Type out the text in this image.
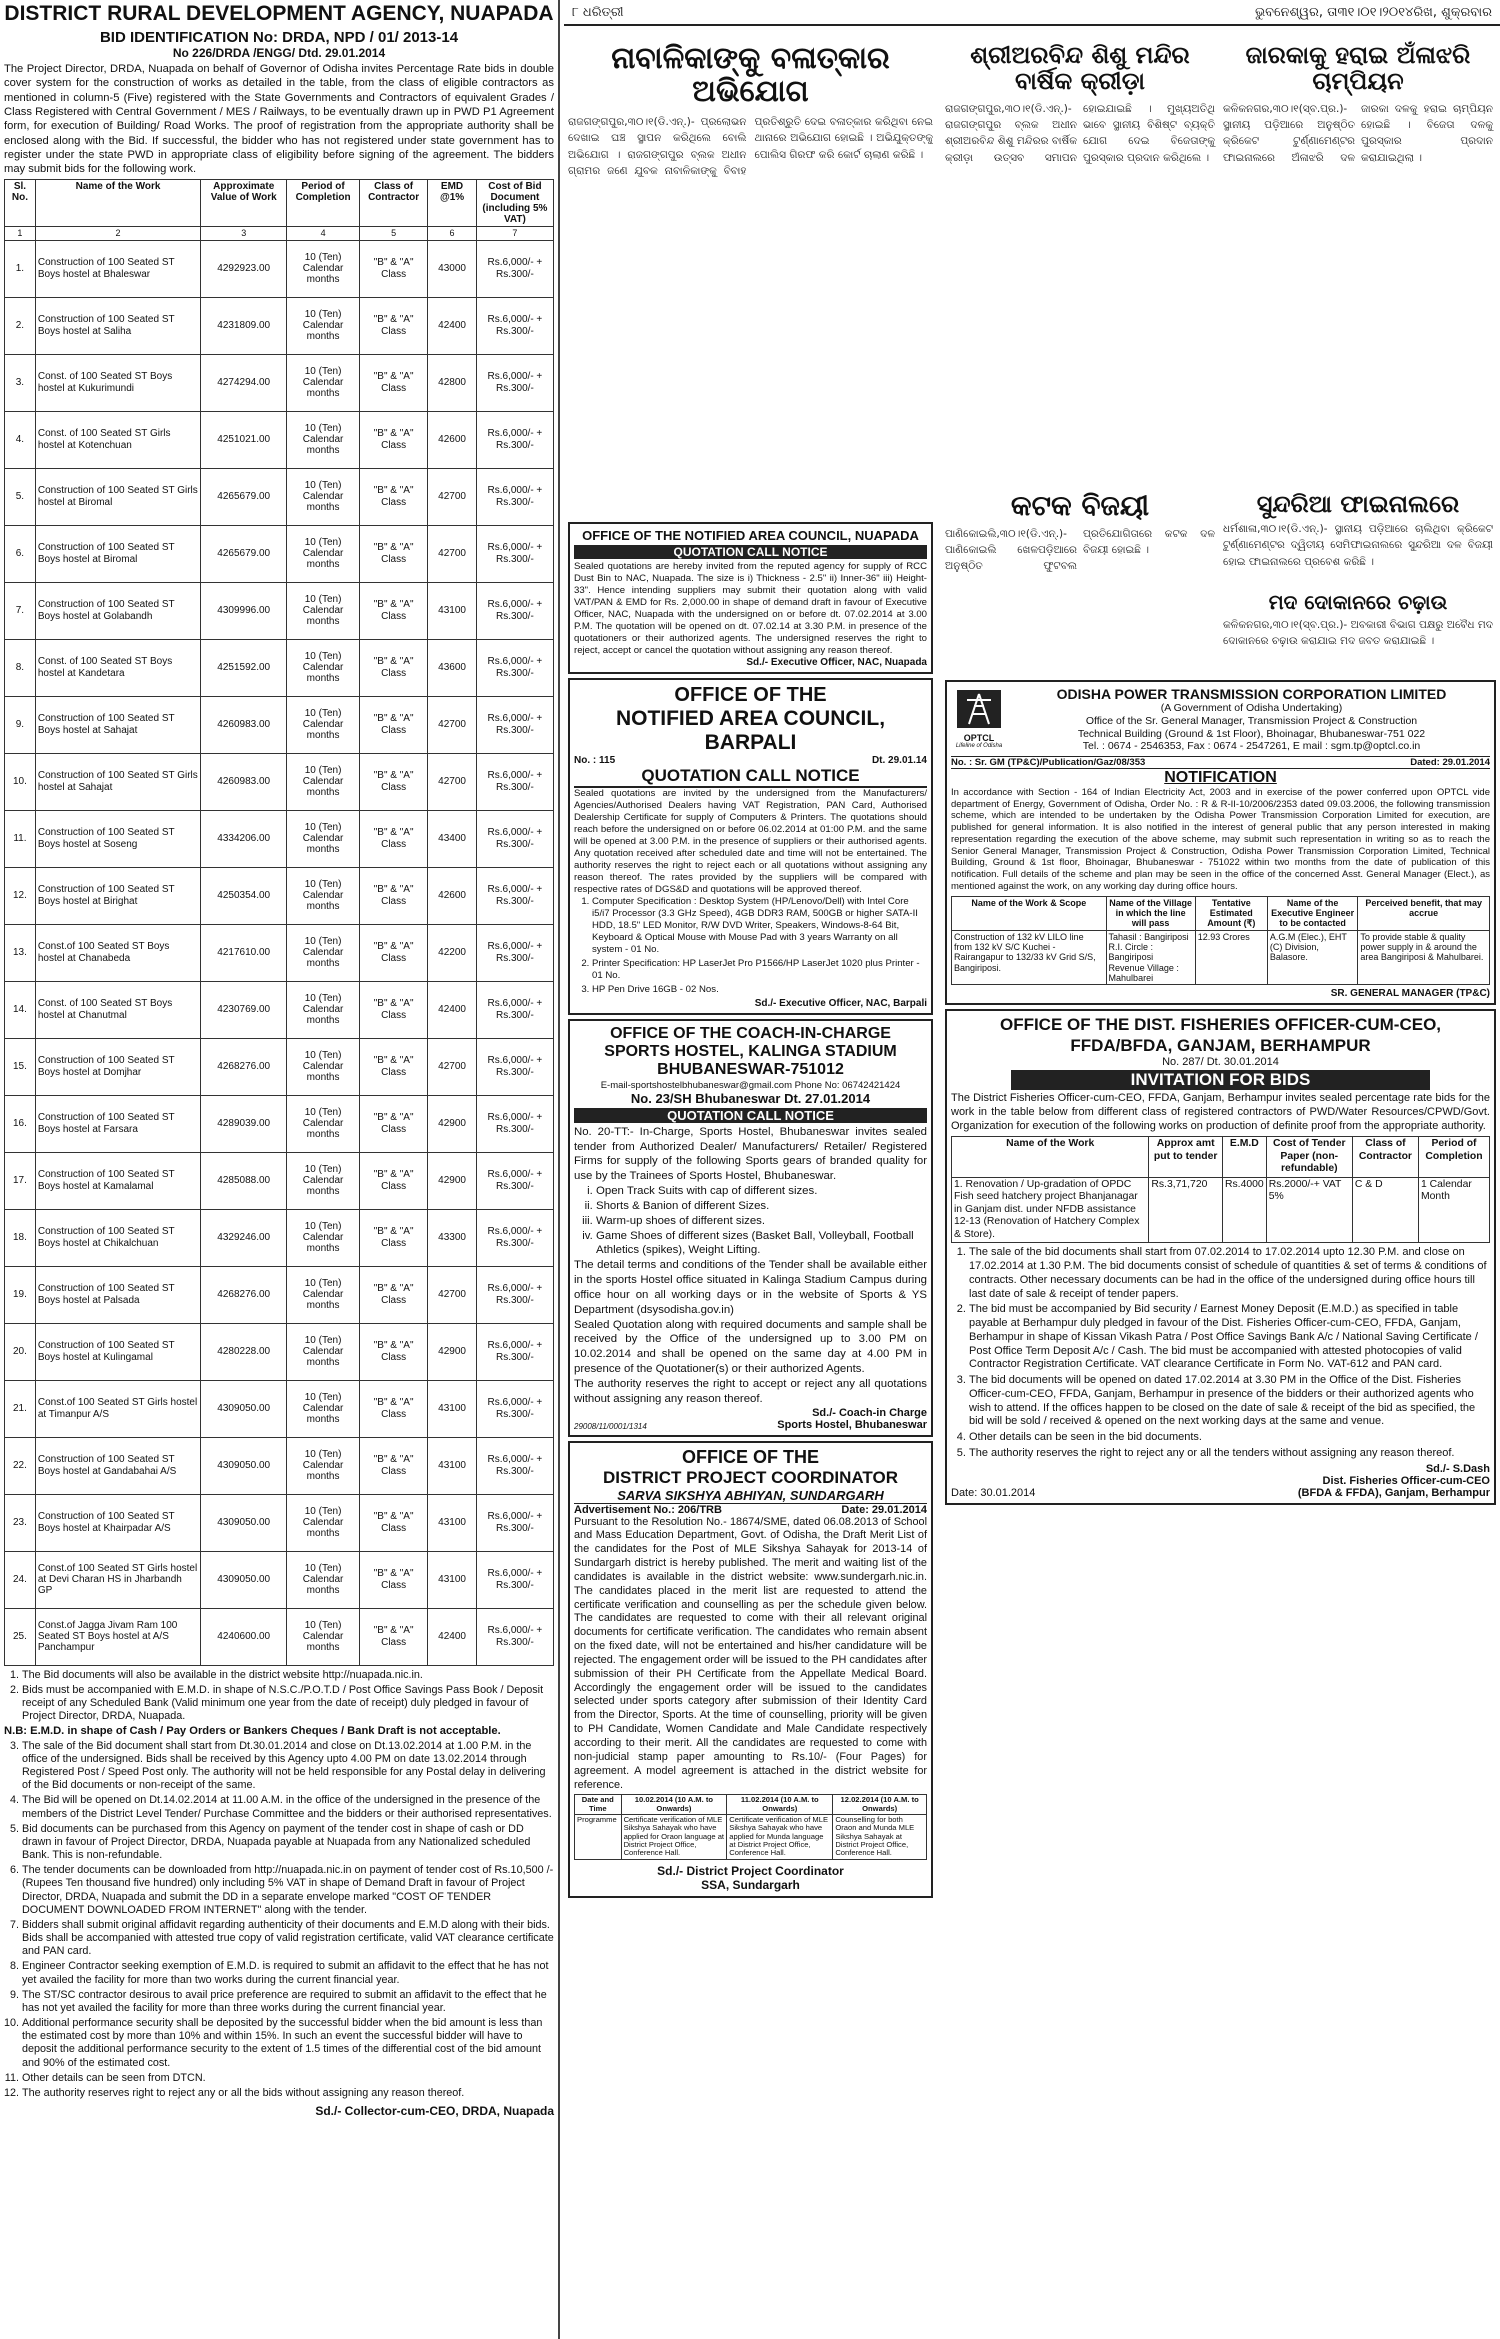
DISTRICT RURAL DEVELOPMENT AGENCY, NUAPADA
BID IDENTIFICATION No: DRDA, NPD / 01/ 2013-14
No 226/DRDA /ENGG/ Dtd. 29.01.2014
The Project Director, DRDA, Nuapada on behalf of Governor of Odisha invites Percentage Rate bids in double cover system for the construction of works as detailed in the table, from the class of eligible contractors as mentioned in column-5 (Five) registered with the State Governments and Contractors of equivalent Grades / Class Registered with Central Government / MES / Railways, to be eventually drawn up in PWD P1 Agreement form, for execution of Building/ Road Works. The proof of registration from the appropriate authority shall be enclosed along with the Bid. If successful, the bidder who has not registered under state government has to register under the state PWD in appropriate class of eligibility before signing of the agreement. The bidders may submit bids for the following work.
Sl. No.	Name of the Work	Approximate Value of Work	Period of Completion	Class of Contractor	EMD @1%	Cost of Bid Document (including 5% VAT)
1	2	3	4	5	6	7
1.	Construction of 100 Seated ST Boys hostel at Bhaleswar	4292923.00	10 (Ten) Calendar months	"B" & "A" Class	43000	Rs.6,000/- + Rs.300/-
2.	Construction of 100 Seated ST Boys hostel at Saliha	4231809.00	10 (Ten) Calendar months	"B" & "A" Class	42400	Rs.6,000/- + Rs.300/-
3.	Const. of 100 Seated ST Boys hostel at Kukurimundi	4274294.00	10 (Ten) Calendar months	"B" & "A" Class	42800	Rs.6,000/- + Rs.300/-
4.	Const. of 100 Seated ST Girls hostel at Kotenchuan	4251021.00	10 (Ten) Calendar months	"B" & "A" Class	42600	Rs.6,000/- + Rs.300/-
5.	Construction of 100 Seated ST Girls hostel at Biromal	4265679.00	10 (Ten) Calendar months	"B" & "A" Class	42700	Rs.6,000/- + Rs.300/-
6.	Construction of 100 Seated ST Boys hostel at Biromal	4265679.00	10 (Ten) Calendar months	"B" & "A" Class	42700	Rs.6,000/- + Rs.300/-
7.	Construction of 100 Seated ST Boys hostel at Golabandh	4309996.00	10 (Ten) Calendar months	"B" & "A" Class	43100	Rs.6,000/- + Rs.300/-
8.	Const. of 100 Seated ST Boys hostel at Kandetara	4251592.00	10 (Ten) Calendar months	"B" & "A" Class	43600	Rs.6,000/- + Rs.300/-
9.	Construction of 100 Seated ST Boys hostel at Sahajat	4260983.00	10 (Ten) Calendar months	"B" & "A" Class	42700	Rs.6,000/- + Rs.300/-
10.	Construction of 100 Seated ST Girls hostel at Sahajat	4260983.00	10 (Ten) Calendar months	"B" & "A" Class	42700	Rs.6,000/- + Rs.300/-
11.	Construction of 100 Seated ST Boys hostel at Soseng	4334206.00	10 (Ten) Calendar months	"B" & "A" Class	43400	Rs.6,000/- + Rs.300/-
12.	Construction of 100 Seated ST Boys hostel at Birighat	4250354.00	10 (Ten) Calendar months	"B" & "A" Class	42600	Rs.6,000/- + Rs.300/-
13.	Const.of 100 Seated ST Boys hostel at Chanabeda	4217610.00	10 (Ten) Calendar months	"B" & "A" Class	42200	Rs.6,000/- + Rs.300/-
14.	Const. of 100 Seated ST Boys hostel at Chanutmal	4230769.00	10 (Ten) Calendar months	"B" & "A" Class	42400	Rs.6,000/- + Rs.300/-
15.	Construction of 100 Seated ST Boys hostel at Domjhar	4268276.00	10 (Ten) Calendar months	"B" & "A" Class	42700	Rs.6,000/- + Rs.300/-
16.	Construction of 100 Seated ST Boys hostel at Farsara	4289039.00	10 (Ten) Calendar months	"B" & "A" Class	42900	Rs.6,000/- + Rs.300/-
17.	Construction of 100 Seated ST Boys hostel at Kamalamal	4285088.00	10 (Ten) Calendar months	"B" & "A" Class	42900	Rs.6,000/- + Rs.300/-
18.	Construction of 100 Seated ST Boys hostel at Chikalchuan	4329246.00	10 (Ten) Calendar months	"B" & "A" Class	43300	Rs.6,000/- + Rs.300/-
19.	Construction of 100 Seated ST Boys hostel at Palsada	4268276.00	10 (Ten) Calendar months	"B" & "A" Class	42700	Rs.6,000/- + Rs.300/-
20.	Construction of 100 Seated ST Boys hostel at Kulingamal	4280228.00	10 (Ten) Calendar months	"B" & "A" Class	42900	Rs.6,000/- + Rs.300/-
21.	Const.of 100 Seated ST Girls hostel at Timanpur A/S	4309050.00	10 (Ten) Calendar months	"B" & "A" Class	43100	Rs.6,000/- + Rs.300/-
22.	Construction of 100 Seated ST Boys hostel at Gandabahai A/S	4309050.00	10 (Ten) Calendar months	"B" & "A" Class	43100	Rs.6,000/- + Rs.300/-
23.	Construction of 100 Seated ST Boys hostel at Khairpadar A/S	4309050.00	10 (Ten) Calendar months	"B" & "A" Class	43100	Rs.6,000/- + Rs.300/-
24.	Const.of 100 Seated ST Girls hostel at Devi Charan HS in Jharbandh GP	4309050.00	10 (Ten) Calendar months	"B" & "A" Class	43100	Rs.6,000/- + Rs.300/-
25.	Const.of Jagga Jivam Ram 100 Seated ST Boys hostel at A/S Panchampur	4240600.00	10 (Ten) Calendar months	"B" & "A" Class	42400	Rs.6,000/- + Rs.300/-
1. The Bid documents will also be available in the district website http://nuapada.nic.in.
2. Bids must be accompanied with E.M.D. in shape of N.S.C./P.O.T.D / Post Office Savings Pass Book / Deposit receipt of any Scheduled Bank (Valid minimum one year from the date of receipt) duly pledged in favour of Project Director, DRDA, Nuapada.
N.B: E.M.D. in shape of Cash / Pay Orders or Bankers Cheques / Bank Draft is not acceptable.
3. The sale of the Bid document shall start from Dt.30.01.2014 and close on Dt.13.02.2014 at 1.00 P.M. in the office of the undersigned. Bids shall be received by this Agency upto 4.00 PM on date 13.02.2014 through Registered Post / Speed Post only. The authority will not be held responsible for any Postal delay in delivering of the Bid documents or non-receipt of the same.
4. The Bid will be opened on Dt.14.02.2014 at 11.00 A.M. in the office of the undersigned in the presence of the members of the District Level Tender/ Purchase Committee and the bidders or their authorised representatives.
5. Bid documents can be purchased from this Agency on payment of the tender cost in shape of cash or DD drawn in favour of Project Director, DRDA, Nuapada payable at Nuapada from any Nationalized scheduled Bank. This is non-refundable.
6. The tender documents can be downloaded from http://nuapada.nic.in on payment of tender cost of Rs.10,500 /- (Rupees Ten thousand five hundred) only including 5% VAT in shape of Demand Draft in favour of Project Director, DRDA, Nuapada and submit the DD in a separate envelope marked "COST OF TENDER DOCUMENT DOWNLOADED FROM INTERNET" along with the tender.
7. Bidders shall submit original affidavit regarding authenticity of their documents and E.M.D along with their bids. Bids shall be accompanied with attested true copy of valid registration certificate, valid VAT clearance certificate and PAN card.
8. Engineer Contractor seeking exemption of E.M.D. is required to submit an affidavit to the effect that he has not yet availed the facility for more than two works during the current financial year.
9. The ST/SC contractor desirous to avail price preference are required to submit an affidavit to the effect that he has not yet availed the facility for more than three works during the current financial year.
10. Additional performance security shall be deposited by the successful bidder when the bid amount is less than the estimated cost by more than 10% and within 15%. In such an event the successful bidder will have to deposit the additional performance security to the extent of 1.5 times of the differential cost of the bid amount and 90% of the estimated cost.
11. Other details can be seen from DTCN.
12. The authority reserves right to reject any or all the bids without assigning any reason thereof.
Sd./- Collector-cum-CEO, DRDA, Nuapada
୮ ଧରିତ୍ରୀ	ଭୁବନେଶ୍ୱର, ତା୩୧।୦୧।୨୦୧୪ରିଖ, ଶୁକ୍ରବାର
ନାବାଳିକାଙ୍କୁ ବଳାତ୍କାର ଅଭିଯୋଗ
ରାଜଗଙ୍ଗପୁର,୩୦।୧(ଡି.ଏନ୍.)- ପ୍ରଲୋଭନ ଦେଖାଇ ଘଞ୍ଚ ସ୍ଥାପନ କରିଥିଲେ ବୋଲି ଅଭିଯୋଗ । ରାଜଗଙ୍ଗପୁର ବ୍ଲକ ଅଧୀନ ଗ୍ରାମର ଜଣେ ଯୁବକ ନାବାଳିକାଙ୍କୁ ବିବାହ ପ୍ରତିଶ୍ରୁତି ଦେଇ ବଳାତ୍କାର କରିଥିବା ନେଇ ଥାନାରେ ଅଭିଯୋଗ ହୋଇଛି । ଅଭିଯୁକ୍ତଙ୍କୁ ପୋଲିସ ଗିରଫ କରି କୋର୍ଟ ଚାଲାଣ କରିଛି ।
OFFICE OF THE NOTIFIED AREA COUNCIL, NUAPADA
QUOTATION CALL NOTICE
Sealed quotations are hereby invited from the reputed agency for supply of RCC Dust Bin to NAC, Nuapada. The size is i) Thickness - 2.5" ii) Inner-36" iii) Height-33". Hence intending suppliers may submit their quotation along with valid VAT/PAN & EMD for Rs. 2,000.00 in shape of demand draft in favour of Executive Officer, NAC, Nuapada with the undersigned on or before dt. 07.02.2014 at 3.00 P.M. The quotation will be opened on dt. 07.02.14 at 3.30 P.M. in presence of the quotationers or their authorized agents. The undersigned reserves the right to reject, accept or cancel the quotation without assigning any reason thereof.
Sd./- Executive Officer, NAC, Nuapada
OFFICE OF THE
NOTIFIED AREA COUNCIL, BARPALI
No. : 115	Dt. 29.01.14
QUOTATION CALL NOTICE
Sealed quotations are invited by the undersigned from the Manufacturers/ Agencies/Authorised Dealers having VAT Registration, PAN Card, Authorised Dealership Certificate for supply of Computers & Printers. The quotations should reach before the undersigned on or before 06.02.2014 at 01:00 P.M. and the same will be opened at 3.00 P.M. in the presence of suppliers or their authorised agents. Any quotation received after scheduled date and time will not be entertained. The authority reserves the right to reject each or all quotations without assigning any reason thereof. The rates provided by the suppliers will be compared with respective rates of DGS&D and quotations will be approved thereof.
1. Computer Specification : Desktop System (HP/Lenovo/Dell) with Intel Core i5/i7 Processor (3.3 GHz Speed), 4GB DDR3 RAM, 500GB or higher SATA-II HDD, 18.5" LED Monitor, R/W DVD Writer, Speakers, Windows-8-64 Bit, Keyboard & Optical Mouse with Mouse Pad with 3 years Warranty on all system - 01 No.
2. Printer Specification: HP LaserJet Pro P1566/HP LaserJet 1020 plus Printer - 01 No.
3. HP Pen Drive 16GB - 02 Nos.
Sd./- Executive Officer, NAC, Barpali
OFFICE OF THE COACH-IN-CHARGE
SPORTS HOSTEL, KALINGA STADIUM
BHUBANESWAR-751012
E-mail-sportshostelbhubaneswar@gmail.com Phone No: 06742421424
No. 23/SH Bhubaneswar Dt. 27.01.2014
QUOTATION CALL NOTICE
No. 20-TT:- In-Charge, Sports Hostel, Bhubaneswar invites sealed tender from Authorized Dealer/ Manufacturers/ Retailer/ Registered Firms for supply of the following Sports gears of branded quality for use by the Trainees of Sports Hostel, Bhubaneswar.
i. Open Track Suits with cap of different sizes.
ii. Shorts & Banion of different Sizes.
iii. Warm-up shoes of different sizes.
iv. Game Shoes of different sizes (Basket Ball, Volleyball, Football Athletics (spikes), Weight Lifting.
The detail terms and conditions of the Tender shall be available either in the sports Hostel office situated in Kalinga Stadium Campus during office hour on all working days or in the website of Sports & YS Department (dsysodisha.gov.in)
Sealed Quotation along with required documents and sample shall be received by the Office of the undersigned up to 3.00 PM on 10.02.2014 and shall be opened on the same day at 4.00 PM in presence of the Quotationer(s) or their authorized Agents.
The authority reserves the right to accept or reject any all quotations without assigning any reason thereof.
29008/11/0001/1314
Sd./- Coach-in Charge
Sports Hostel, Bhubaneswar
OFFICE OF THE
DISTRICT PROJECT COORDINATOR
SARVA SIKSHYA ABHIYAN, SUNDARGARH
Advertisement No.: 206/TRB	Date: 29.01.2014
Pursuant to the Resolution No.- 18674/SME, dated 06.08.2013 of School and Mass Education Department, Govt. of Odisha, the Draft Merit List of the candidates for the Post of MLE Sikshya Sahayak for 2013-14 of Sundargarh district is hereby published. The merit and waiting list of the candidates is available in the district website: www.sundergarh.nic.in. The candidates placed in the merit list are requested to attend the certificate verification and counselling as per the schedule given below. The candidates are requested to come with their all relevant original documents for certificate verification. The candidates who remain absent on the fixed date, will not be entertained and his/her candidature will be rejected. The engagement order will be issued to the PH candidates after submission of their PH Certificate from the Appellate Medical Board. Accordingly the engagement order will be issued to the candidates selected under sports category after submission of their Identity Card from the Director, Sports. At the time of counselling, priority will be given to PH Candidate, Women Candidate and Male Candidate respectively according to their merit. All the candidates are requested to come with non-judicial stamp paper amounting to Rs.10/- (Four Pages) for agreement. A model agreement is attached in the district website for reference.
Date and Time	10.02.2014 (10 A.M. to Onwards)	11.02.2014 (10 A.M. to Onwards)	12.02.2014 (10 A.M. to Onwards)
Programme	Certificate verification of MLE Sikshya Sahayak who have applied for Oraon language at District Project Office, Conference Hall.	Certificate verification of MLE Sikshya Sahayak who have applied for Munda language at District Project Office, Conference Hall.	Counselling for both Oraon and Munda MLE Sikshya Sahayak at District Project Office, Conference Hall.
Sd./- District Project Coordinator
SSA, Sundargarh
ଶ୍ରୀଅରବିନ୍ଦ ଶିଶୁ ମନ୍ଦିର ବାର୍ଷିକ କ୍ରୀଡ଼ା
ରାଜଗଙ୍ଗପୁର,୩୦।୧(ଡି.ଏନ୍.)- ରାଜଗଙ୍ଗପୁର ବ୍ଲକ ଅଧୀନ ଶ୍ରୀଅରବିନ୍ଦ ଶିଶୁ ମନ୍ଦିରର ବାର୍ଷିକ କ୍ରୀଡ଼ା ଉତ୍ସବ ସମାପନ ହୋଇଯାଇଛି । ମୁଖ୍ୟଅତିଥି ଭାବେ ସ୍ଥାନୀୟ ବିଶିଷ୍ଟ ବ୍ୟକ୍ତି ଯୋଗ ଦେଇ ବିଜେତାଙ୍କୁ ପୁରସ୍କାର ପ୍ରଦାନ କରିଥିଲେ ।
ଜାରକାକୁ ହରାଇ ଅଁଳାଝରି ଚାମ୍ପିୟନ
କଳିକନଗର,୩୦।୧(ସ୍ବ.ପ୍ର.)- ସ୍ଥାନୀୟ ପଡ଼ିଆରେ ଅନୁଷ୍ଠିତ କ୍ରିକେଟ ଟୁର୍ଣ୍ଣାମେଣ୍ଟର ଫାଇନାଲରେ ଅଁଳାଝରି ଦଳ ଜାରକା ଦଳକୁ ହରାଇ ଚାମ୍ପିୟନ ହୋଇଛି । ବିଜେତା ଦଳକୁ ପୁରସ୍କାର ପ୍ରଦାନ କରାଯାଇଥିଲା ।
କଟକ ବିଜୟୀ
ପାଣିକୋଇଲି,୩୦।୧(ଡି.ଏନ୍.)- ପାଣିକୋଇଲି ଖେଳପଡ଼ିଆରେ ଅନୁଷ୍ଠିତ ଫୁଟବଲ ପ୍ରତିଯୋଗିତାରେ କଟକ ଦଳ ବିଜୟୀ ହୋଇଛି ।
ସୁନ୍ଦରିଆ ଫାଇନାଲରେ
ଧର୍ମଶାଳା,୩୦।୧(ଡି.ଏନ୍.)- ସ୍ଥାନୀୟ ପଡ଼ିଆରେ ଚାଲିଥିବା କ୍ରିକେଟ ଟୁର୍ଣ୍ଣାମେଣ୍ଟର ଦ୍ୱିତୀୟ ସେମିଫାଇନାଲରେ ସୁନ୍ଦରିଆ ଦଳ ବିଜୟୀ ହୋଇ ଫାଇନାଲରେ ପ୍ରବେଶ କରିଛି ।
ମଦ ଦୋକାନରେ ଚଢ଼ାଉ
କଳିକନଗର,୩୦।୧(ସ୍ବ.ପ୍ର.)- ଅବକାରୀ ବିଭାଗ ପକ୍ଷରୁ ଅବୈଧ ମଦ ଦୋକାନରେ ଚଢ଼ାଉ କରାଯାଇ ମଦ ଜବତ କରାଯାଇଛି ।
OPTCL
Lifeline of Odisha
ODISHA POWER TRANSMISSION CORPORATION LIMITED
(A Government of Odisha Undertaking)
Office of the Sr. General Manager, Transmission Project & Construction
Technical Building (Ground & 1st Floor), Bhoinagar, Bhubaneswar-751 022
Tel. : 0674 - 2546353, Fax : 0674 - 2547261, E mail : sgm.tp@optcl.co.in
No. : Sr. GM (TP&C)/Publication/Gaz/08/353	Dated: 29.01.2014
NOTIFICATION
In accordance with Section - 164 of Indian Electricity Act, 2003 and in exercise of the power conferred upon OPTCL vide department of Energy, Government of Odisha, Order No. : R & R-II-10/2006/2353 dated 09.03.2006, the following transmission scheme, which are intended to be undertaken by the Odisha Power Transmission Corporation Limited for execution, are published for general information. It is also notified in the interest of general public that any person interested in making representation regarding the execution of the above scheme, may submit such representation in writing so as to reach the Senior General Manager, Transmission Project & Construction, Odisha Power Transmission Corporation Limited, Technical Building, Ground & 1st floor, Bhoinagar, Bhubaneswar - 751022 within two months from the date of publication of this notification. Full details of the scheme and plan may be seen in the office of the concerned Asst. General Manager (Elect.), as mentioned against the work, on any working day during office hours.
Name of the Work & Scope	Name of the Village in which the line will pass	Tentative Estimated Amount (₹)	Name of the Executive Engineer to be contacted	Perceived benefit, that may accrue
Construction of 132 kV LILO line from 132 kV S/C Kuchei - Rairangapur to 132/33 kV Grid S/S, Bangiriposi.	Tahasil : Bangiriposi
R.I. Circle : Bangiriposi
Revenue Village : Mahulbarei	12.93 Crores	A.G.M (Elec.), EHT (C) Division, Balasore.	To provide stable & quality power supply in & around the area Bangiriposi & Mahulbarei.
SR. GENERAL MANAGER (TP&C)
OFFICE OF THE DIST. FISHERIES OFFICER-CUM-CEO,
FFDA/BFDA, GANJAM, BERHAMPUR
No. 287/ Dt. 30.01.2014
INVITATION FOR BIDS
The District Fisheries Officer-cum-CEO, FFDA, Ganjam, Berhampur invites sealed percentage rate bids for the work in the table below from different class of registered contractors of PWD/Water Resources/CPWD/Govt. Organization for execution of the following works on production of definite proof from the appropriate authority.
Name of the Work	Approx amt put to tender	E.M.D	Cost of Tender Paper (non-refundable)	Class of Contractor	Period of Completion
1. Renovation / Up-gradation of OPDC Fish seed hatchery project Bhanjanagar in Ganjam dist. under NFDB assistance 12-13 (Renovation of Hatchery Complex & Store).	Rs.3,71,720	Rs.4000	Rs.2000/-+ VAT 5%	C & D	1 Calendar Month
1. The sale of the bid documents shall start from 07.02.2014 to 17.02.2014 upto 12.30 P.M. and close on 17.02.2014 at 1.30 P.M. The bid documents consist of schedule of quantities & set of terms & conditions of contracts. Other necessary documents can be had in the office of the undersigned during office hours till last date of sale & receipt of tender papers.
2. The bid must be accompanied by Bid security / Earnest Money Deposit (E.M.D.) as specified in table payable at Berhampur duly pledged in favour of the Dist. Fisheries Officer-cum-CEO, FFDA, Ganjam, Berhampur in shape of Kissan Vikash Patra / Post Office Savings Bank A/c / National Saving Certificate / Post Office Term Deposit A/c / Cash. The bid must be accompanied with attested photocopies of valid Contractor Registration Certificate. VAT clearance Certificate in Form No. VAT-612 and PAN card.
3. The bid documents will be opened on dated 17.02.2014 at 3.30 PM in the Office of the Dist. Fisheries Officer-cum-CEO, FFDA, Ganjam, Berhampur in presence of the bidders or their authorized agents who wish to attend. If the offices happen to be closed on the date of sale & receipt of the bid as specified, the bid will be sold / received & opened on the next working days at the same and venue.
4. Other details can be seen in the bid documents.
5. The authority reserves the right to reject any or all the tenders without assigning any reason thereof.
Date: 30.01.2014
Sd./- S.Dash
Dist. Fisheries Officer-cum-CEO
(BFDA & FFDA), Ganjam, Berhampur
